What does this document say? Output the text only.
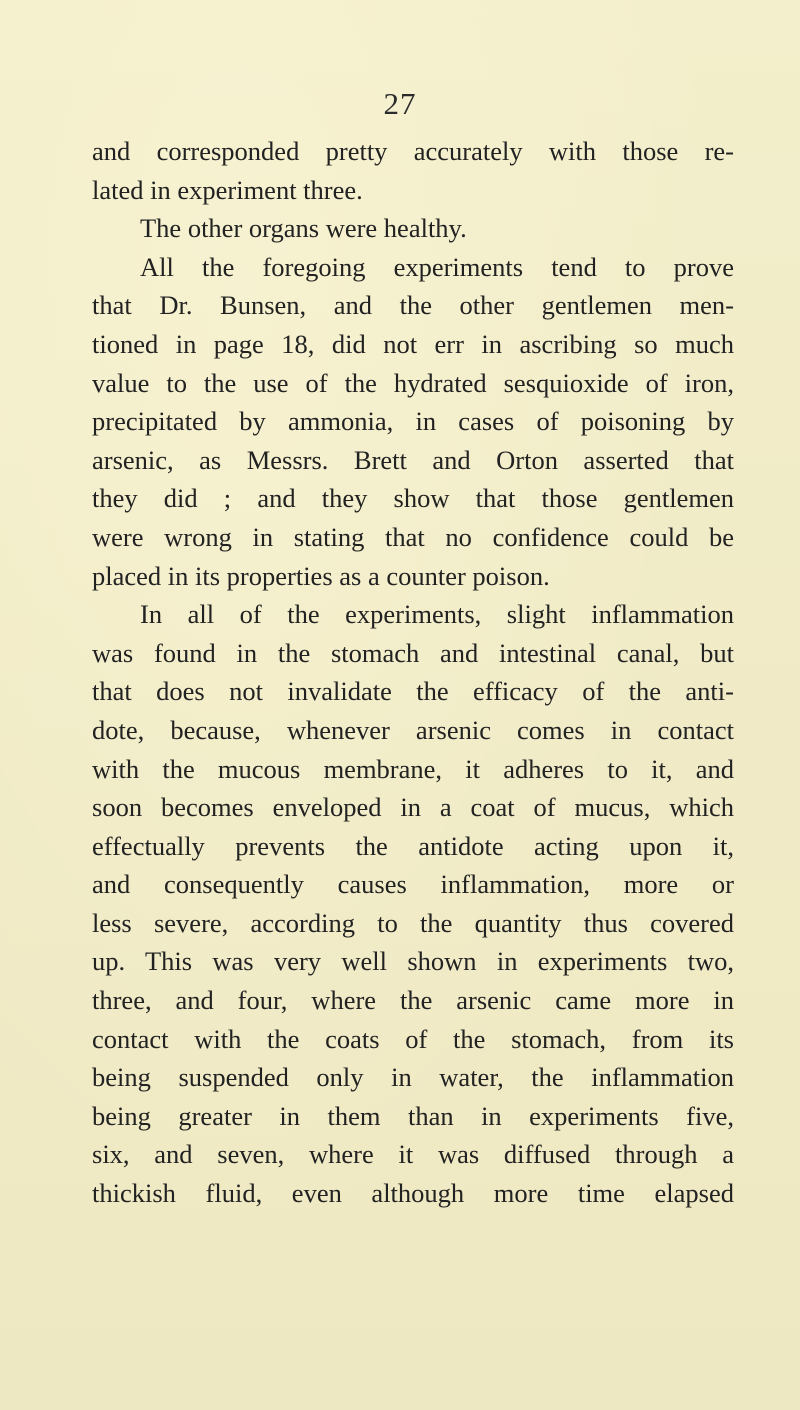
27
and corresponded pretty accurately with those re-
lated in experiment three.
The other organs were healthy.
All the foregoing experiments tend to prove
that Dr. Bunsen, and the other gentlemen men-
tioned in page 18, did not err in ascribing so much
value to the use of the hydrated sesquioxide of iron,
precipitated by ammonia, in cases of poisoning by
arsenic, as Messrs. Brett and Orton asserted that
they did ; and they show that those gentlemen
were wrong in stating that no confidence could be
placed in its properties as a counter poison.
In all of the experiments, slight inflammation
was found in the stomach and intestinal canal, but
that does not invalidate the efficacy of the anti-
dote, because, whenever arsenic comes in contact
with the mucous membrane, it adheres to it, and
soon becomes enveloped in a coat of mucus, which
effectually prevents the antidote acting upon it,
and consequently causes inflammation, more or
less severe, according to the quantity thus covered
up. This was very well shown in experiments two,
three, and four, where the arsenic came more in
contact with the coats of the stomach, from its
being suspended only in water, the inflammation
being greater in them than in experiments five,
six, and seven, where it was diffused through a
thickish fluid, even although more time elapsed
